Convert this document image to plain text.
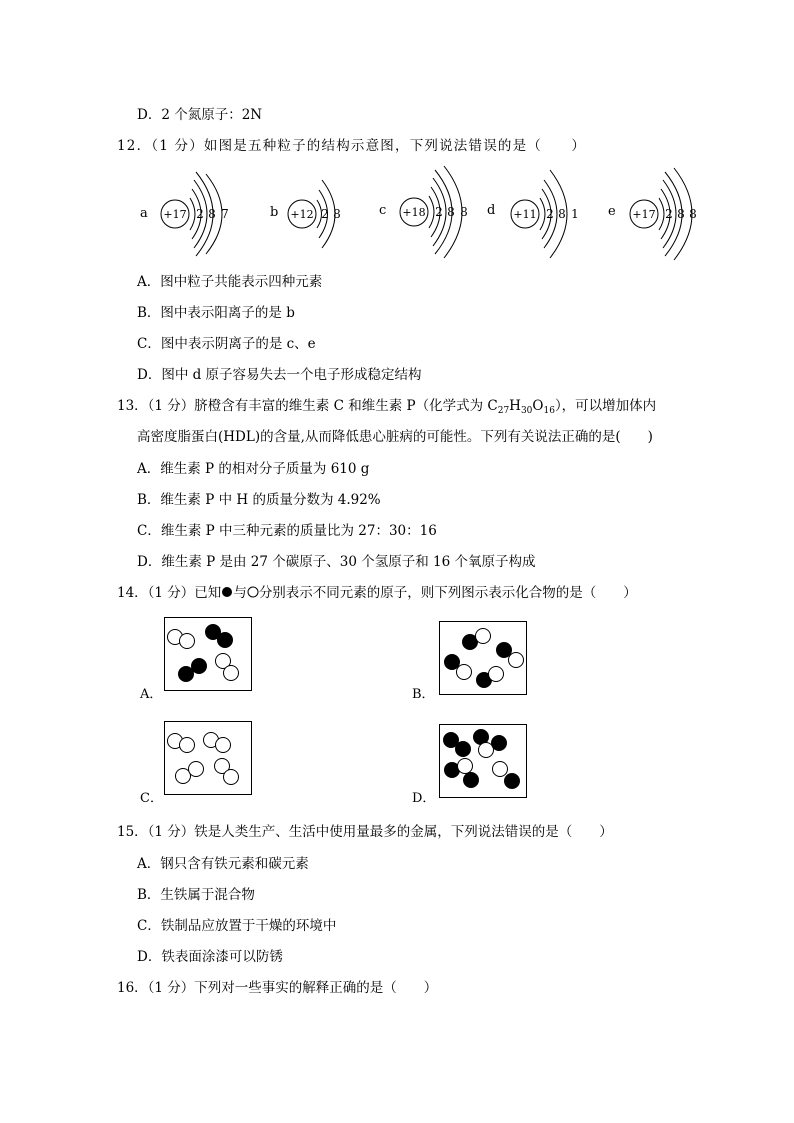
D．2 个氮原子：2N
12．（1 分）如图是五种粒子的结构示意图，下列说法错误的是（　　）
a +17 2 8 7	b +12 2 8	c +18 2 8 8 d +11 2 8 1 e +17 2 8 8
A．图中粒子共能表示四种元素
B．图中表示阳离子的是 b
C．图中表示阴离子的是 c、e
D．图中 d 原子容易失去一个电子形成稳定结构
13．（1 分）脐橙含有丰富的维生素 C 和维生素 P（化学式为 $C_{27}H_{30}O_{16}$），可以增加体内
高密度脂蛋白(HDL)的含量,从而降低患心脏病的可能性。下列有关说法正确的是(　　)
A．维生素 P 的相对分子质量为 610 g
B．维生素 P 中 H 的质量分数为 4.92%
C．维生素 P 中三种元素的质量比为 27：30：16
D．维生素 P 是由 27 个碳原子、30 个氢原子和 16 个氧原子构成
14．（1 分）已知 与 分别表示不同元素的原子，则下列图示表示化合物的是（　　）
A．	B．
C．	D．
15．（1 分）铁是人类生产、生活中使用量最多的金属，下列说法错误的是（　　）
A．钢只含有铁元素和碳元素
B．生铁属于混合物
C．铁制品应放置于干燥的环境中
D．铁表面涂漆可以防锈
16．（1 分）下列对一些事实的解释正确的是（　　）
